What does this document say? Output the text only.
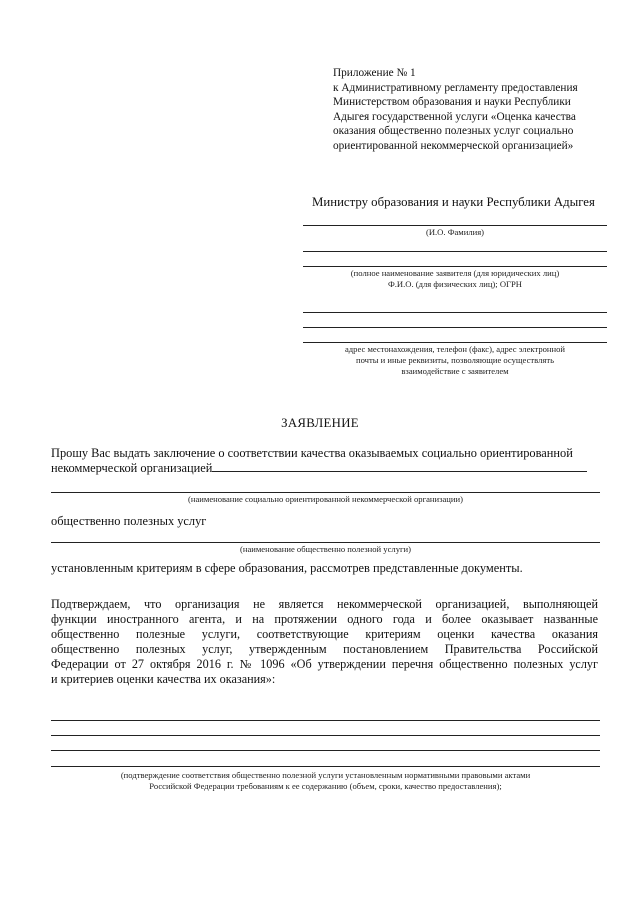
Приложение № 1
к Административному регламенту предоставления
Министерством образования и науки Республики
Адыгея государственной услуги «Оценка качества
оказания общественно полезных услуг социально
ориентированной некоммерческой организацией»
Министру образования и науки Республики Адыгея
(И.О. Фамилия)
(полное наименование заявителя (для юридических лиц)
Ф.И.О. (для физических лиц); ОГРН
адрес местонахождения, телефон (факс), адрес электронной
почты и иные реквизиты, позволяющие осуществлять
взаимодействие с заявителем
ЗАЯВЛЕНИЕ
Прошу Вас выдать заключение о соответствии качества оказываемых социально ориентированной
некоммерческой организацией
(наименование социально ориентированной некоммерческой организации)
общественно полезных услуг
(наименование общественно полезной услуги)
установленным критериям в сфере образования, рассмотрев представленные документы.
Подтверждаем, что организация не является некоммерческой организацией, выполняющей
функции иностранного агента, и на протяжении одного года и более оказывает названные
общественно полезные услуги, соответствующие критериям оценки качества оказания
общественно полезных услуг, утвержденным постановлением Правительства Российской
Федерации от 27 октября 2016 г. № 1096 «Об утверждении перечня общественно полезных услуг
и критериев оценки качества их оказания»:
(подтверждение соответствия общественно полезной услуги установленным нормативными правовыми актами
Российской Федерации требованиям к ее содержанию (объем, сроки, качество предоставления);
